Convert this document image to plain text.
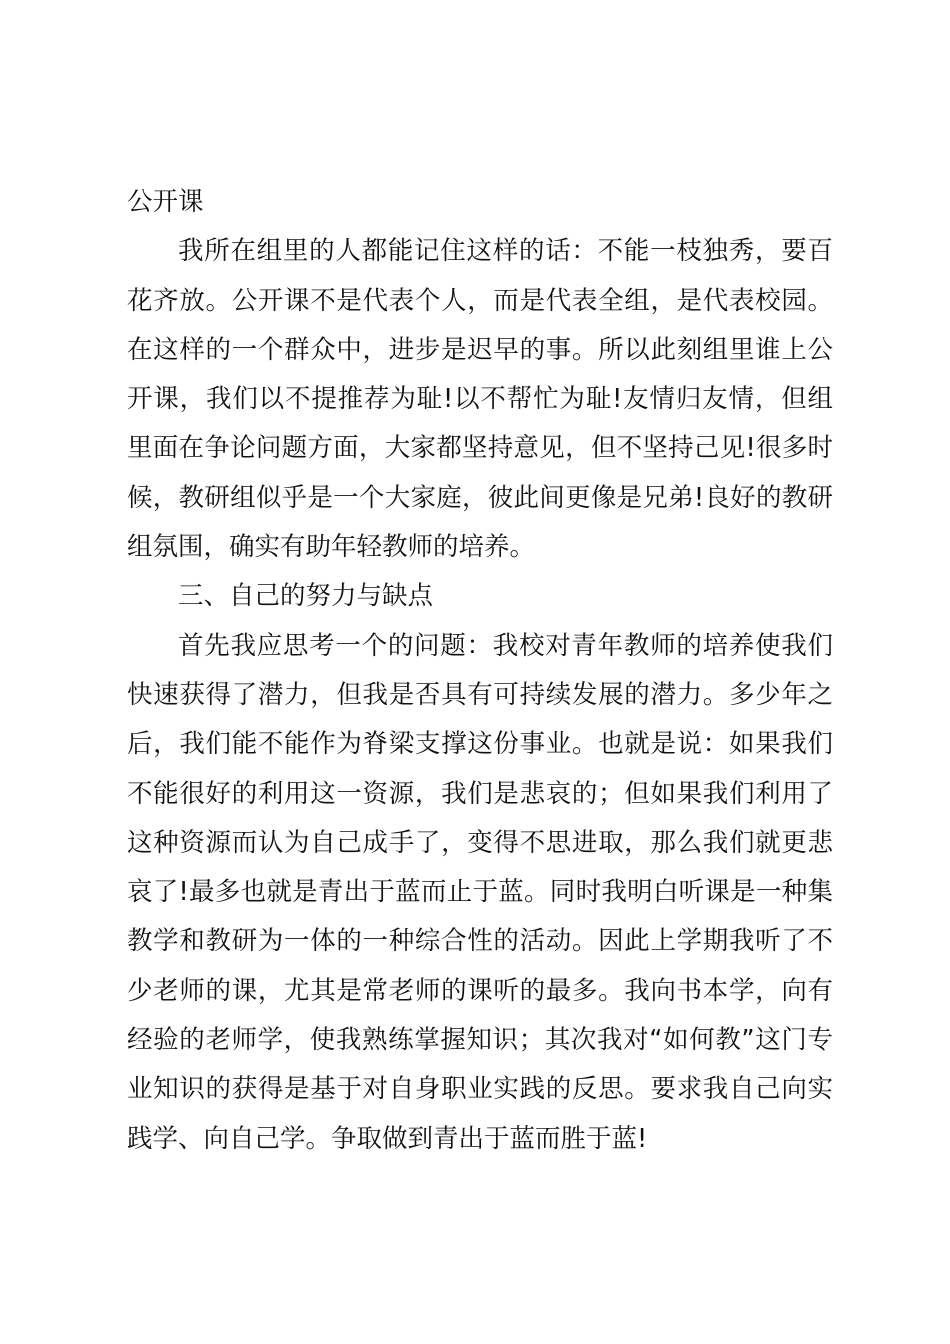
公开课

我所在组里的人都能记住这样的话：不能一枝独秀，要百花齐放。公开课不是代表个人，而是代表全组，是代表校园。在这样的一个群众中，进步是迟早的事。所以此刻组里谁上公开课，我们以不提推荐为耻!以不帮忙为耻!友情归友情，但组里面在争论问题方面，大家都坚持意见，但不坚持己见!很多时候，教研组似乎是一个大家庭，彼此间更像是兄弟!良好的教研组氛围，确实有助年轻教师的培养。

三、自己的努力与缺点

首先我应思考一个的问题：我校对青年教师的培养使我们快速获得了潜力，但我是否具有可持续发展的潜力。多少年之后，我们能不能作为脊梁支撑这份事业。也就是说：如果我们不能很好的利用这一资源，我们是悲哀的；但如果我们利用了这种资源而认为自己成手了，变得不思进取，那么我们就更悲哀了!最多也就是青出于蓝而止于蓝。同时我明白听课是一种集教学和教研为一体的一种综合性的活动。因此上学期我听了不少老师的课，尤其是常老师的课听的最多。我向书本学，向有经验的老师学，使我熟练掌握知识；其次我对“如何教”这门专业知识的获得是基于对自身职业实践的反思。要求我自己向实践学、向自己学。争取做到青出于蓝而胜于蓝!
